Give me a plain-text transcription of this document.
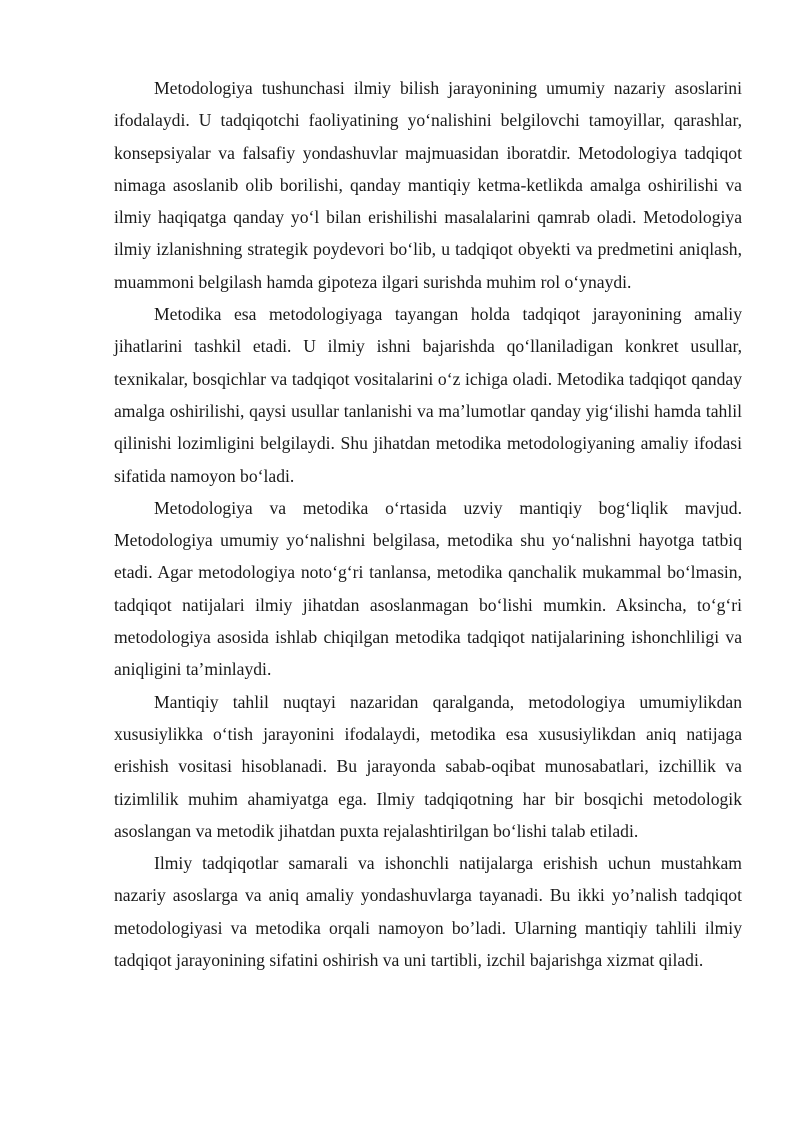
Metodologiya tushunchasi ilmiy bilish jarayonining umumiy nazariy asoslarini ifodalaydi. U tadqiqotchi faoliyatining yo‘nalishini belgilovchi tamoyillar, qarashlar, konsepsiyalar va falsafiy yondashuvlar majmuasidan iboratdir. Metodologiya tadqiqot nimaga asoslanib olib borilishi, qanday mantiqiy ketma-ketlikda amalga oshirilishi va ilmiy haqiqatga qanday yo‘l bilan erishilishi masalalarini qamrab oladi. Metodologiya ilmiy izlanishning strategik poydevori bo‘lib, u tadqiqot obyekti va predmetini aniqlash, muammoni belgilash hamda gipoteza ilgari surishda muhim rol o‘ynaydi.

Metodika esa metodologiyaga tayangan holda tadqiqot jarayonining amaliy jihatlarini tashkil etadi. U ilmiy ishni bajarishda qo‘llaniladigan konkret usullar, texnikalar, bosqichlar va tadqiqot vositalarini o‘z ichiga oladi. Metodika tadqiqot qanday amalga oshirilishi, qaysi usullar tanlanishi va ma’lumotlar qanday yig‘ilishi hamda tahlil qilinishi lozimligini belgilaydi. Shu jihatdan metodika metodologiyaning amaliy ifodasi sifatida namoyon bo‘ladi.

Metodologiya va metodika o‘rtasida uzviy mantiqiy bog‘liqlik mavjud. Metodologiya umumiy yo‘nalishni belgilasa, metodika shu yo‘nalishni hayotga tatbiq etadi. Agar metodologiya noto‘g‘ri tanlansa, metodika qanchalik mukammal bo‘lmasin, tadqiqot natijalari ilmiy jihatdan asoslanmagan bo‘lishi mumkin. Aksincha, to‘g‘ri metodologiya asosida ishlab chiqilgan metodika tadqiqot natijalarining ishonchliligi va aniqligini ta’minlaydi.

Mantiqiy tahlil nuqtayi nazaridan qaralganda, metodologiya umumiylikdan xususiylikka o‘tish jarayonini ifodalaydi, metodika esa xususiylikdan aniq natijaga erishish vositasi hisoblanadi. Bu jarayonda sabab-oqibat munosabatlari, izchillik va tizimlilik muhim ahamiyatga ega. Ilmiy tadqiqotning har bir bosqichi metodologik asoslangan va metodik jihatdan puxta rejalashtirilgan bo‘lishi talab etiladi.

Ilmiy tadqiqotlar samarali va ishonchli natijalarga erishish uchun mustahkam nazariy asoslarga va aniq amaliy yondashuvlarga tayanadi. Bu ikki yo’nalish tadqiqot metodologiyasi va metodika orqali namoyon bo’ladi. Ularning mantiqiy tahlili ilmiy tadqiqot jarayonining sifatini oshirish va uni tartibli, izchil bajarishga xizmat qiladi.
